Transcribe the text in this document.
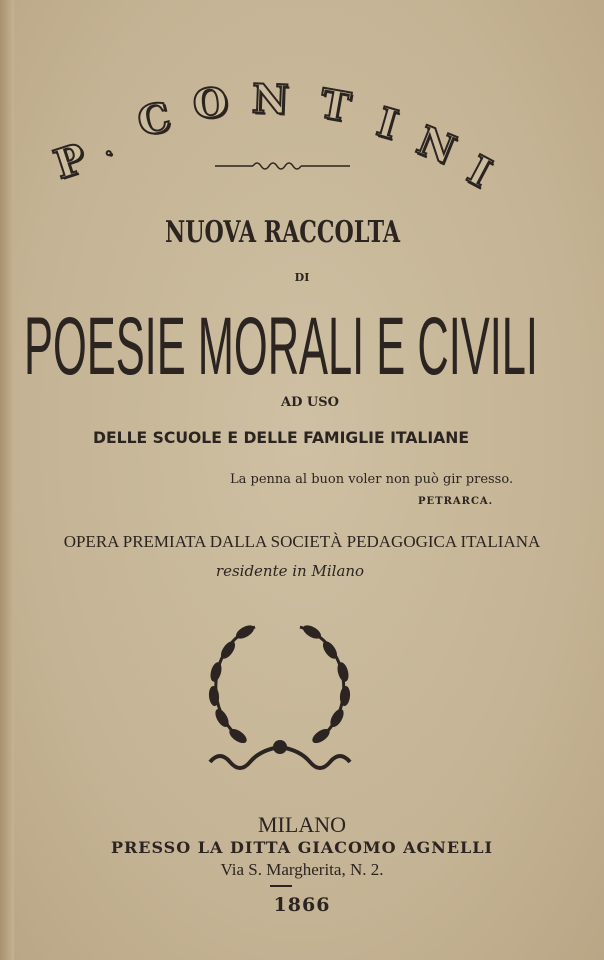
P .
C O N T I N
I
NUOVA RACCOLTA
DI
POESIE MORALI E CIVILI
AD USO
DELLE SCUOLE E DELLE FAMIGLIE ITALIANE
La penna al buon voler non può gir presso.
PETRARCA.
OPERA PREMIATA DALLA SOCIETÀ PEDAGOGICA ITALIANA
residente in Milano
MILANO
PRESSO LA DITTA GIACOMO AGNELLI
Via S. Margherita, N. 2.
1866
